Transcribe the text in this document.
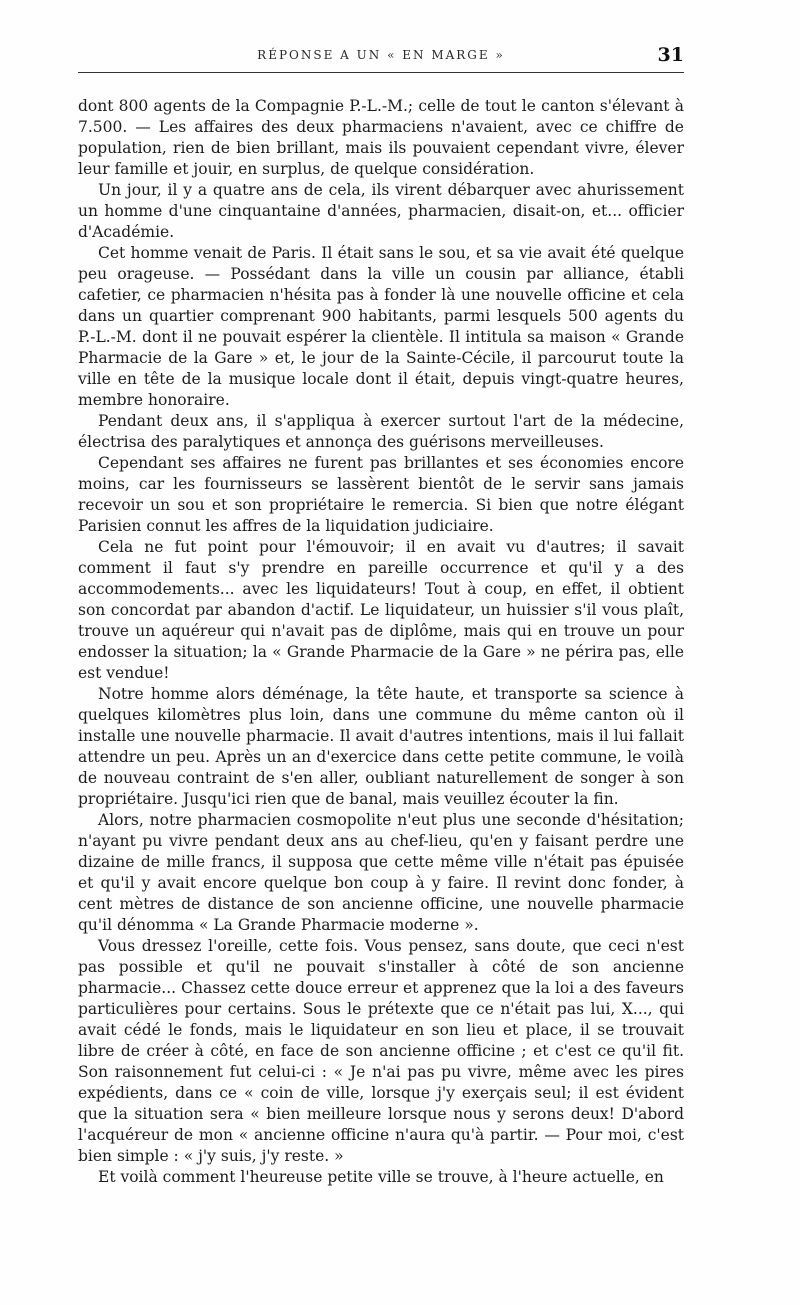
RÉPONSE A UN « EN MARGE »	31

dont 800 agents de la Compagnie P.-L.-M.; celle de tout le canton s'élevant à 7.500. — Les affaires des deux pharmaciens n'avaient, avec ce chiffre de population, rien de bien brillant, mais ils pouvaient cependant vivre, élever leur famille et jouir, en surplus, de quelque considération.

Un jour, il y a quatre ans de cela, ils virent débarquer avec ahurissement un homme d'une cinquantaine d'années, pharmacien, disait-on, et... officier d'Académie.

Cet homme venait de Paris. Il était sans le sou, et sa vie avait été quelque peu orageuse. — Possédant dans la ville un cousin par alliance, établi cafetier, ce pharmacien n'hésita pas à fonder là une nouvelle officine et cela dans un quartier comprenant 900 habitants, parmi lesquels 500 agents du P.-L.-M. dont il ne pouvait espérer la clientèle. Il intitula sa maison « Grande Pharmacie de la Gare » et, le jour de la Sainte-Cécile, il parcourut toute la ville en tête de la musique locale dont il était, depuis vingt-quatre heures, membre honoraire.

Pendant deux ans, il s'appliqua à exercer surtout l'art de la médecine, électrisa des paralytiques et annonça des guérisons merveilleuses.

Cependant ses affaires ne furent pas brillantes et ses économies encore moins, car les fournisseurs se lassèrent bientôt de le servir sans jamais recevoir un sou et son propriétaire le remercia. Si bien que notre élégant Parisien connut les affres de la liquidation judiciaire.

Cela ne fut point pour l'émouvoir; il en avait vu d'autres; il savait comment il faut s'y prendre en pareille occurrence et qu'il y a des accommodements... avec les liquidateurs! Tout à coup, en effet, il obtient son concordat par abandon d'actif. Le liquidateur, un huissier s'il vous plaît, trouve un aquéreur qui n'avait pas de diplôme, mais qui en trouve un pour endosser la situation; la « Grande Pharmacie de la Gare » ne périra pas, elle est vendue!

Notre homme alors déménage, la tête haute, et transporte sa science à quelques kilomètres plus loin, dans une commune du même canton où il installe une nouvelle pharmacie. Il avait d'autres intentions, mais il lui fallait attendre un peu. Après un an d'exercice dans cette petite commune, le voilà de nouveau contraint de s'en aller, oubliant naturellement de songer à son propriétaire. Jusqu'ici rien que de banal, mais veuillez écouter la fin.

Alors, notre pharmacien cosmopolite n'eut plus une seconde d'hésitation; n'ayant pu vivre pendant deux ans au chef-lieu, qu'en y faisant perdre une dizaine de mille francs, il supposa que cette même ville n'était pas épuisée et qu'il y avait encore quelque bon coup à y faire. Il revint donc fonder, à cent mètres de distance de son ancienne officine, une nouvelle pharmacie qu'il dénomma « La Grande Pharmacie moderne ».

Vous dressez l'oreille, cette fois. Vous pensez, sans doute, que ceci n'est pas possible et qu'il ne pouvait s'installer à côté de son ancienne pharmacie... Chassez cette douce erreur et apprenez que la loi a des faveurs particulières pour certains. Sous le prétexte que ce n'était pas lui, X..., qui avait cédé le fonds, mais le liquidateur en son lieu et place, il se trouvait libre de créer à côté, en face de son ancienne officine ; et c'est ce qu'il fit. Son raisonnement fut celui-ci : « Je n'ai pas pu vivre, même avec les pires expédients, dans ce « coin de ville, lorsque j'y exerçais seul; il est évident que la situation sera « bien meilleure lorsque nous y serons deux! D'abord l'acquéreur de mon « ancienne officine n'aura qu'à partir. — Pour moi, c'est bien simple : « j'y suis, j'y reste. »

Et voilà comment l'heureuse petite ville se trouve, à l'heure actuelle, en
